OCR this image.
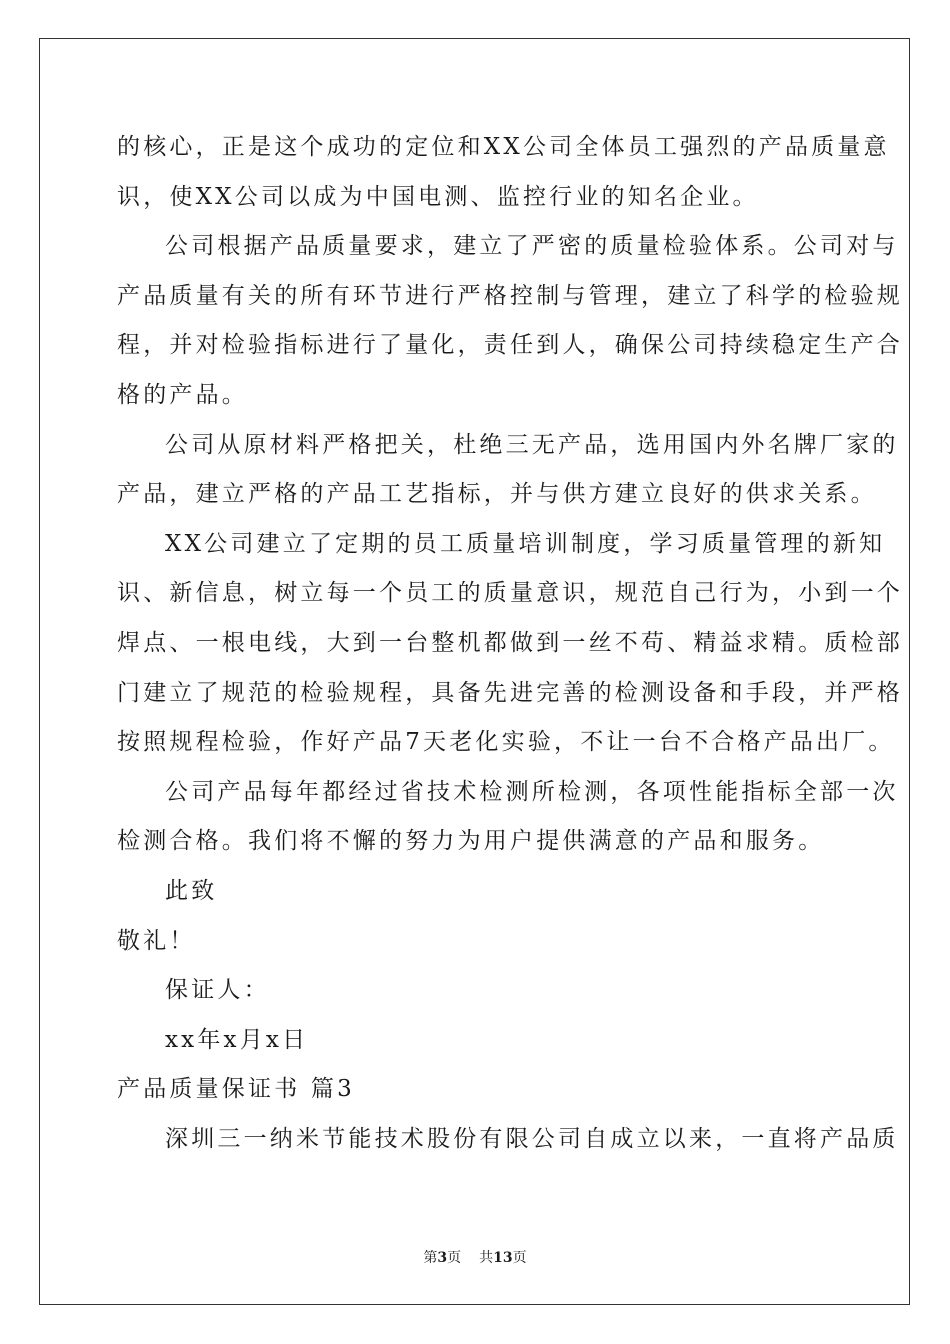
的核心，正是这个成功的定位和XX公司全体员工强烈的产品质量意
识，使XX公司以成为中国电测、监控行业的知名企业。
公司根据产品质量要求，建立了严密的质量检验体系。公司对与
产品质量有关的所有环节进行严格控制与管理，建立了科学的检验规
程，并对检验指标进行了量化，责任到人，确保公司持续稳定生产合
格的产品。
公司从原材料严格把关，杜绝三无产品，选用国内外名牌厂家的
产品，建立严格的产品工艺指标，并与供方建立良好的供求关系。
XX公司建立了定期的员工质量培训制度，学习质量管理的新知
识、新信息，树立每一个员工的质量意识，规范自己行为，小到一个
焊点、一根电线，大到一台整机都做到一丝不苟、精益求精。质检部
门建立了规范的检验规程，具备先进完善的检测设备和手段，并严格
按照规程检验，作好产品7天老化实验，不让一台不合格产品出厂。
公司产品每年都经过省技术检测所检测，各项性能指标全部一次
检测合格。我们将不懈的努力为用户提供满意的产品和服务。
此致
敬礼！
保证人：
xx年x月x日
产品质量保证书 篇3
深圳三一纳米节能技术股份有限公司自成立以来，一直将产品质
第3页 共13页
